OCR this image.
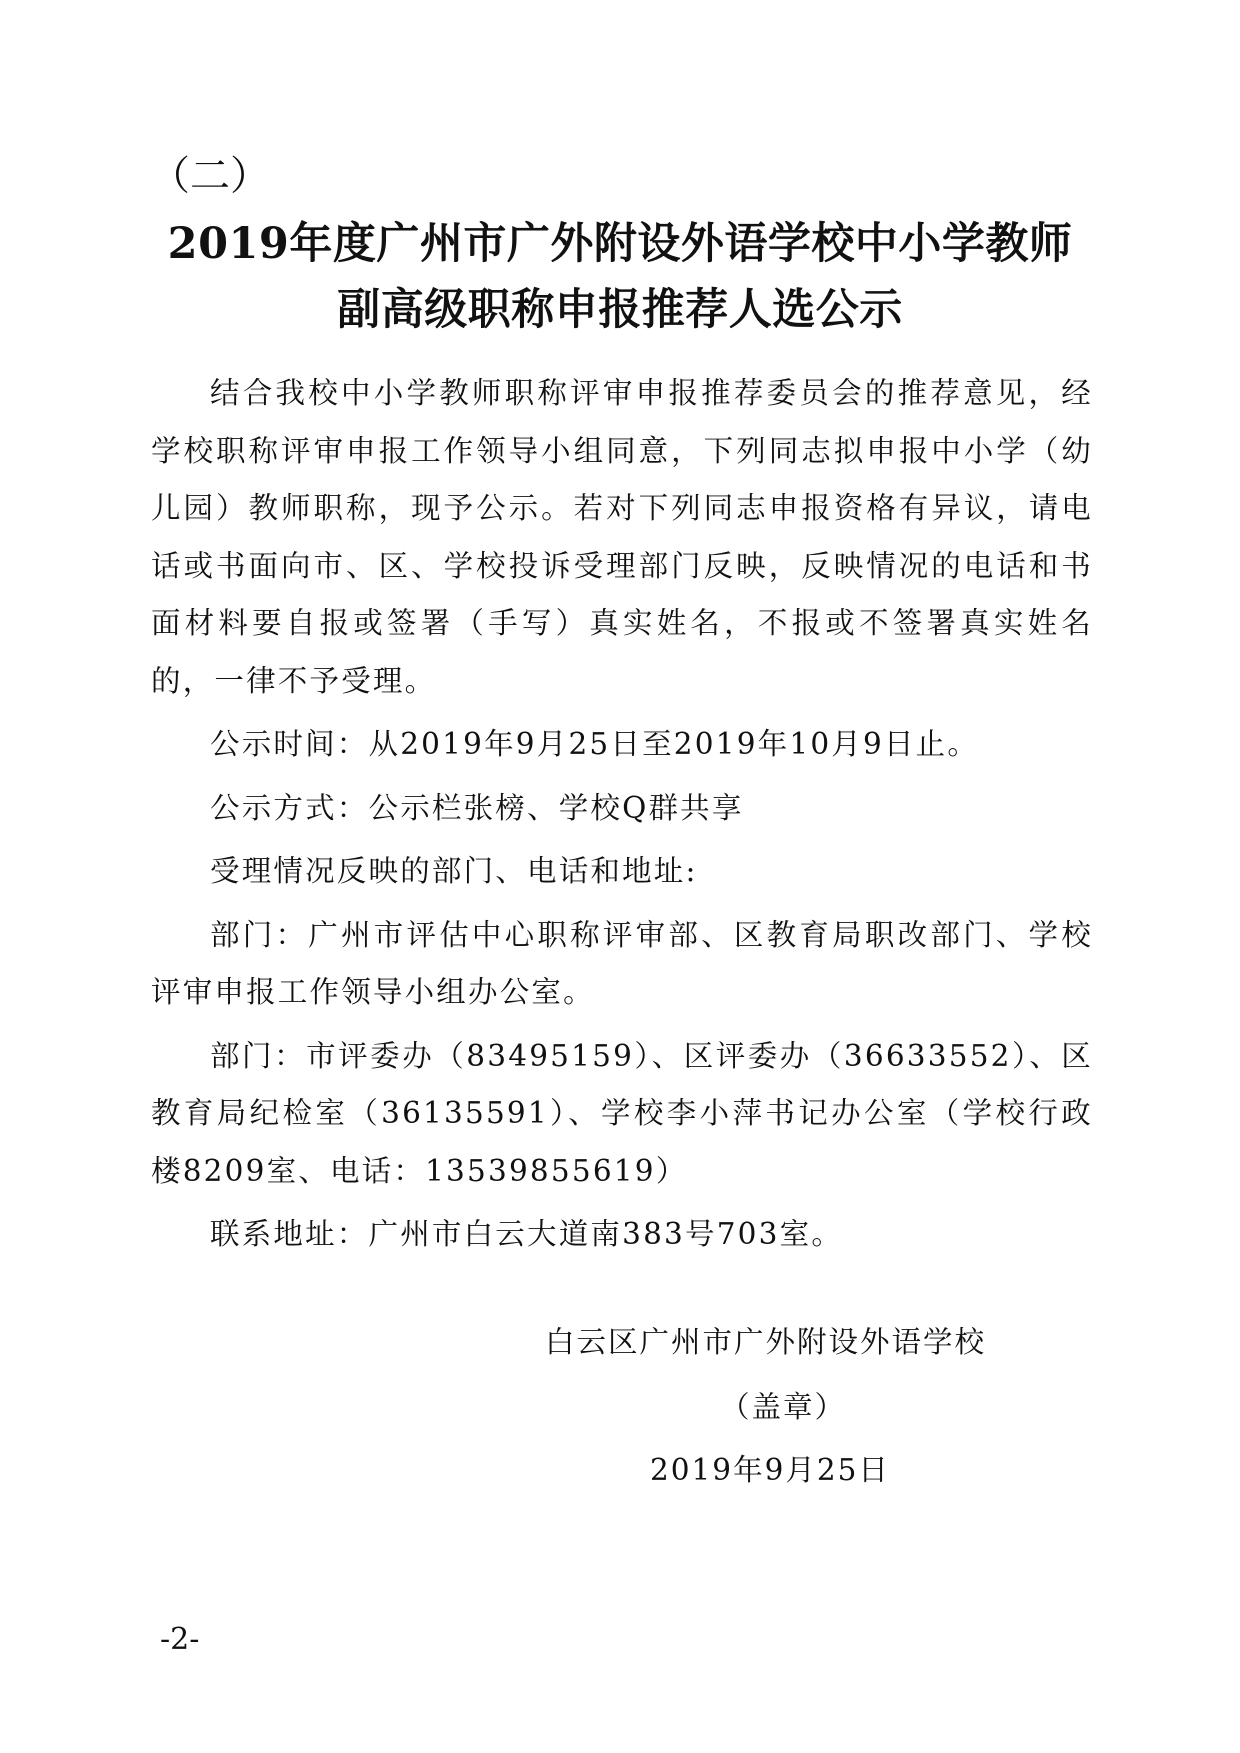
（二）
2019年度广州市广外附设外语学校中小学教师
副高级职称申报推荐人选公示

结合我校中小学教师职称评审申报推荐委员会的推荐意见，经学校职称评审申报工作领导小组同意，下列同志拟申报中小学（幼儿园）教师职称，现予公示。若对下列同志申报资格有异议，请电话或书面向市、区、学校投诉受理部门反映，反映情况的电话和书面材料要自报或签署（手写）真实姓名，不报或不签署真实姓名的，一律不予受理。

公示时间：从2019年9月25日至2019年10月9日止。

公示方式：公示栏张榜、学校Q群共享

受理情况反映的部门、电话和地址:

部门：广州市评估中心职称评审部、区教育局职改部门、学校评审申报工作领导小组办公室。

部门：市评委办（83495159）、区评委办（36633552）、区教育局纪检室（36135591）、学校李小萍书记办公室（学校行政楼8209室、电话：13539855619）

联系地址：广州市白云大道南383号703室。

白云区广州市广外附设外语学校
（盖章）
2019年9月25日
-2-
